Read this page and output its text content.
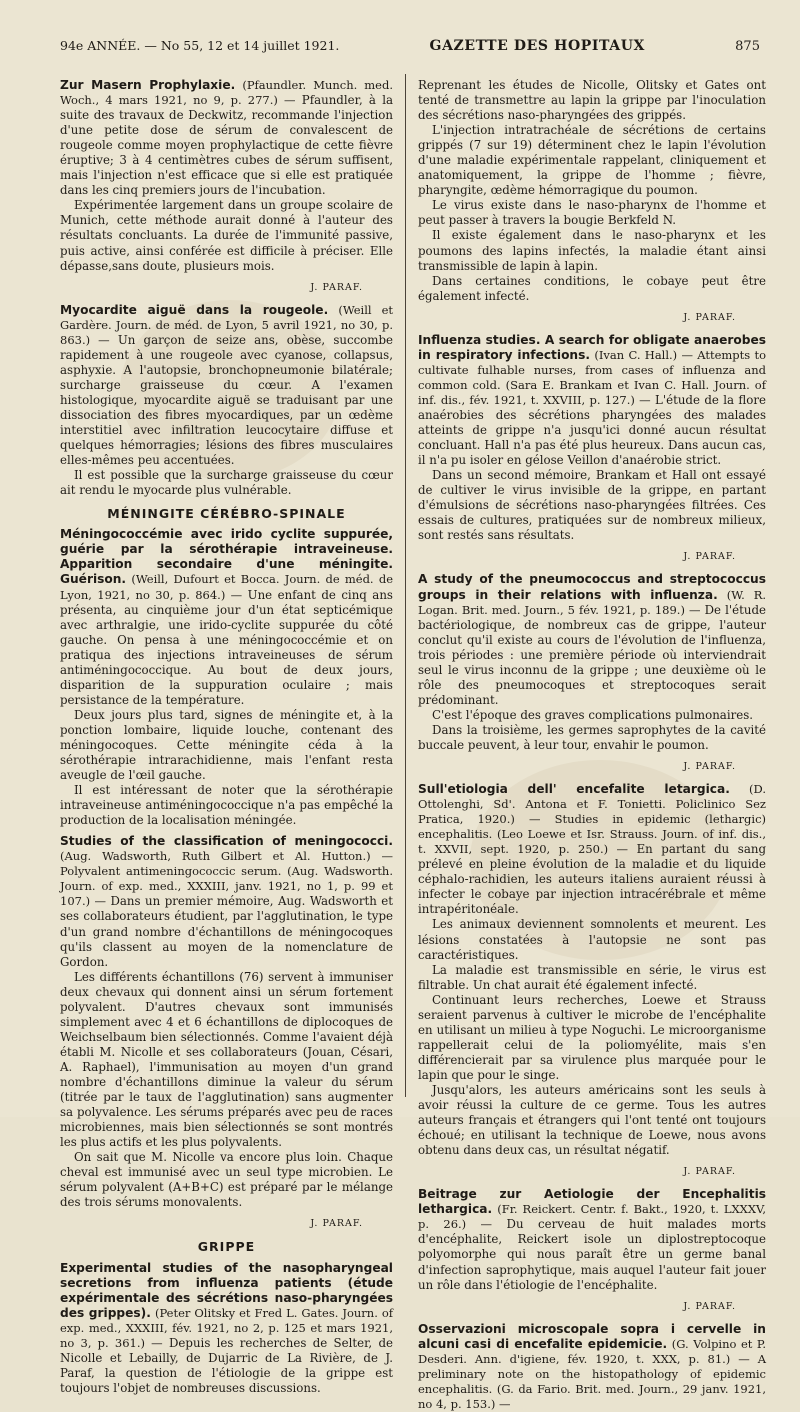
94e ANNÉE. — No 55, 12 et 14 juillet 1921.	GAZETTE DES HOPITAUX	875

Zur Masern Prophylaxie. (Pfaundler. Munch. med. Woch., 4 mars 1921, no 9, p. 277.) — Pfaundler, à la suite des travaux de Deckwitz, recommande l'injection d'une petite dose de sérum de convalescent de rougeole comme moyen prophylactique de cette fièvre éruptive; 3 à 4 centimètres cubes de sérum suffisent, mais l'injection n'est efficace que si elle est pratiquée dans les cinq premiers jours de l'incubation.

Expérimentée largement dans un groupe scolaire de Munich, cette méthode aurait donné à l'auteur des résultats concluants. La durée de l'immunité passive, puis active, ainsi conférée est difficile à préciser. Elle dépasse,sans doute, plusieurs mois.

J. PARAF.

Myocardite aiguë dans la rougeole. (Weill et Gardère. Journ. de méd. de Lyon, 5 avril 1921, no 30, p. 863.) — Un garçon de seize ans, obèse, succombe rapidement à une rougeole avec cyanose, collapsus, asphyxie. A l'autopsie, bronchopneumonie bilatérale; surcharge graisseuse du cœur. A l'examen histologique, myocardite aiguë se traduisant par une dissociation des fibres myocardiques, par un œdème interstitiel avec infiltration leucocytaire diffuse et quelques hémorragies; lésions des fibres musculaires elles-mêmes peu accentuées.

Il est possible que la surcharge graisseuse du cœur ait rendu le myocarde plus vulnérable.

MÉNINGITE CÉRÉBRO-SPINALE

Méningococcémie avec irido cyclite suppurée, guérie par la sérothérapie intraveineuse. Apparition secondaire d'une méningite. Guérison. (Weill, Dufourt et Bocca. Journ. de méd. de Lyon, 1921, no 30, p. 864.) — Une enfant de cinq ans présenta, au cinquième jour d'un état septicémique avec arthralgie, une irido-cyclite suppurée du côté gauche. On pensa à une méningococcémie et on pratiqua des injections intraveineuses de sérum antiméningococcique. Au bout de deux jours, disparition de la suppuration oculaire ; mais persistance de la température.

Deux jours plus tard, signes de méningite et, à la ponction lombaire, liquide louche, contenant des méningocoques. Cette méningite céda à la sérothérapie intrarachidienne, mais l'enfant resta aveugle de l'œil gauche.

Il est intéressant de noter que la sérothérapie intraveineuse antiméningococcique n'a pas empêché la production de la localisation méningée.

Studies of the classification of meningococci. (Aug. Wadsworth, Ruth Gilbert et Al. Hutton.) — Polyvalent antimeningococcic serum. (Aug. Wadsworth. Journ. of exp. med., XXXIII, janv. 1921, no 1, p. 99 et 107.) — Dans un premier mémoire, Aug. Wadsworth et ses collaborateurs étudient, par l'agglutination, le type d'un grand nombre d'échantillons de méningocoques qu'ils classent au moyen de la nomenclature de Gordon.

Les différents échantillons (76) servent à immuniser deux chevaux qui donnent ainsi un sérum fortement polyvalent. D'autres chevaux sont immunisés simplement avec 4 et 6 échantillons de diplocoques de Weichselbaum bien sélectionnés. Comme l'avaient déjà établi M. Nicolle et ses collaborateurs (Jouan, Césari, A. Raphael), l'immunisation au moyen d'un grand nombre d'échantillons diminue la valeur du sérum (titrée par le taux de l'agglutination) sans augmenter sa polyvalence. Les sérums préparés avec peu de races microbiennes, mais bien sélectionnés se sont montrés les plus actifs et les plus polyvalents.

On sait que M. Nicolle va encore plus loin. Chaque cheval est immunisé avec un seul type microbien. Le sérum polyvalent (A+B+C) est préparé par le mélange des trois sérums monovalents.

J. PARAF.
GRIPPE

Experimental studies of the nasopharyngeal secretions from influenza patients (étude expérimentale des sécrétions naso-pharyngées des grippes). (Peter Olitsky et Fred L. Gates. Journ. of exp. med., XXXIII, fév. 1921, no 2, p. 125 et mars 1921, no 3, p. 361.) — Depuis les recherches de Selter, de Nicolle et Lebailly, de Dujarric de La Rivière, de J. Paraf, la question de l'étiologie de la grippe est toujours l'objet de nombreuses discussions.

Reprenant les études de Nicolle, Olitsky et Gates ont tenté de transmettre au lapin la grippe par l'inoculation des sécrétions naso-pharyngées des grippés.

L'injection intratrachéale de sécrétions de certains grippés (7 sur 19) déterminent chez le lapin l'évolution d'une maladie expérimentale rappelant, cliniquement et anatomiquement, la grippe de l'homme ; fièvre, pharyngite, œdème hémorragique du poumon.

Le virus existe dans le naso-pharynx de l'homme et peut passer à travers la bougie Berkfeld N.

Il existe également dans le naso-pharynx et les poumons des lapins infectés, la maladie étant ainsi transmissible de lapin à lapin.

Dans certaines conditions, le cobaye peut être également infecté.

J. PARAF.

Influenza studies. A search for obligate anaerobes in respiratory infections. (Ivan C. Hall.) — Attempts to cultivate fulhable nurses, from cases of influenza and common cold. (Sara E. Brankam et Ivan C. Hall. Journ. of inf. dis., fév. 1921, t. XXVIII, p. 127.) — L'étude de la flore anaérobies des sécrétions pharyngées des malades atteints de grippe n'a jusqu'ici donné aucun résultat concluant. Hall n'a pas été plus heureux. Dans aucun cas, il n'a pu isoler en gélose Veillon d'anaérobie strict.

Dans un second mémoire, Brankam et Hall ont essayé de cultiver le virus invisible de la grippe, en partant d'émulsions de sécrétions naso-pharyngées filtrées. Ces essais de cultures, pratiquées sur de nombreux milieux, sont restés sans résultats.

J. PARAF.

A study of the pneumococcus and streptococcus groups in their relations with influenza. (W. R. Logan. Brit. med. Journ., 5 fév. 1921, p. 189.) — De l'étude bactériologique, de nombreux cas de grippe, l'auteur conclut qu'il existe au cours de l'évolution de l'influenza, trois périodes : une première période où interviendrait seul le virus inconnu de la grippe ; une deuxième où le rôle des pneumocoques et streptocoques serait prédominant.

C'est l'époque des graves complications pulmonaires.

Dans la troisième, les germes saprophytes de la cavité buccale peuvent, à leur tour, envahir le poumon.

J. PARAF.

Sull'etiologia dell' encefalite letargica. (D. Ottolenghi, Sd'. Antona et F. Tonietti. Policlinico Sez Pratica, 1920.) — Studies in epidemic (lethargic) encephalitis. (Leo Loewe et Isr. Strauss. Journ. of inf. dis., t. XXVII, sept. 1920, p. 250.) — En partant du sang prélevé en pleine évolution de la maladie et du liquide céphalo-rachidien, les auteurs italiens auraient réussi à infecter le cobaye par injection intracérébrale et même intrapéritonéale.

Les animaux deviennent somnolents et meurent. Les lésions constatées à l'autopsie ne sont pas caractéristiques.

La maladie est transmissible en série, le virus est filtrable. Un chat aurait été également infecté.

Continuant leurs recherches, Loewe et Strauss seraient parvenus à cultiver le microbe de l'encéphalite en utilisant un milieu à type Noguchi. Le microorganisme rappellerait celui de la poliomyélite, mais s'en différencierait par sa virulence plus marquée pour le lapin que pour le singe.

Jusqu'alors, les auteurs américains sont les seuls à avoir réussi la culture de ce germe. Tous les autres auteurs français et étrangers qui l'ont tenté ont toujours échoué; en utilisant la technique de Loewe, nous avons obtenu dans deux cas, un résultat négatif.

J. PARAF.

Beitrage zur Aetiologie der Encephalitis lethargica. (Fr. Reickert. Centr. f. Bakt., 1920, t. LXXXV, p. 26.) — Du cerveau de huit malades morts d'encéphalite, Reickert isole un diplostreptocoque polyomorphe qui nous paraît être un germe banal d'infection saprophytique, mais auquel l'auteur fait jouer un rôle dans l'étiologie de l'encéphalite.

J. PARAF.

Osservazioni microscopale sopra i cervelle in alcuni casi di encefalite epidemicie. (G. Volpino et P. Desderi. Ann. d'igiene, fév. 1920, t. XXX, p. 81.) — A preliminary note on the histopathology of epidemic encephalitis. (G. da Fario. Brit. med. Journ., 29 janv. 1921, no 4, p. 153.) —
